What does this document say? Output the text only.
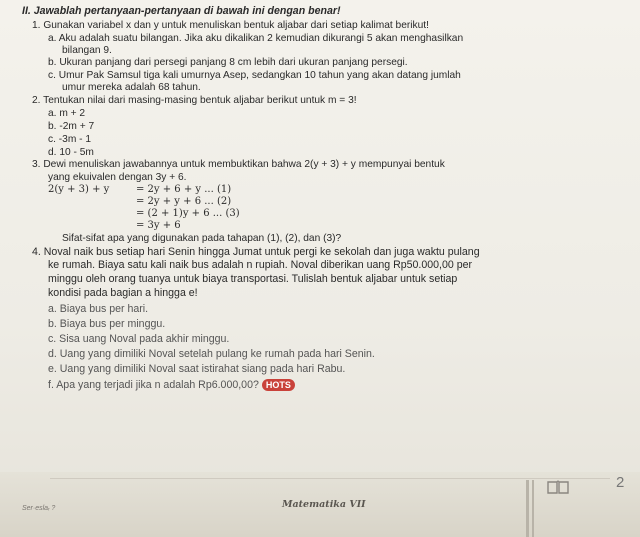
II. Jawablah pertanyaan-pertanyaan di bawah ini dengan benar!
1. Gunakan variabel x dan y untuk menuliskan bentuk aljabar dari setiap kalimat berikut!
a. Aku adalah suatu bilangan. Jika aku dikalikan 2 kemudian dikurangi 5 akan menghasilkan
bilangan 9.
b. Ukuran panjang dari persegi panjang 8 cm lebih dari ukuran panjang persegi.
c. Umur Pak Samsul tiga kali umurnya Asep, sedangkan 10 tahun yang akan datang jumlah
umur mereka adalah 68 tahun.
2. Tentukan nilai dari masing-masing bentuk aljabar berikut untuk m = 3!
a. m + 2
b. -2m + 7
c. -3m - 1
d. 10 - 5m
3. Dewi menuliskan jawabannya untuk membuktikan bahwa 2(y + 3) + y mempunyai bentuk
yang ekuivalen dengan 3y + 6.
2(y + 3) + y	= 2y + 6 + y ... (1)
= 2y + y + 6 ... (2)
= (2 + 1)y + 6 ... (3)
= 3y + 6
Sifat-sifat apa yang digunakan pada tahapan (1), (2), dan (3)?
4. Noval naik bus setiap hari Senin hingga Jumat untuk pergi ke sekolah dan juga waktu pulang
ke rumah. Biaya satu kali naik bus adalah n rupiah. Noval diberikan uang Rp50.000,00 per
minggu oleh orang tuanya untuk biaya transportasi. Tulislah bentuk aljabar untuk setiap
kondisi pada bagian a hingga e!
a. Biaya bus per hari.
b. Biaya bus per minggu.
c. Sisa uang Noval pada akhir minggu.
d. Uang yang dimiliki Noval setelah pulang ke rumah pada hari Senin.
e. Uang yang dimiliki Noval saat istirahat siang pada hari Rabu.
f. Apa yang terjadi jika n adalah Rp6.000,00? HOTS
Ser·eslaᵣ ?	Matematika VII
2
